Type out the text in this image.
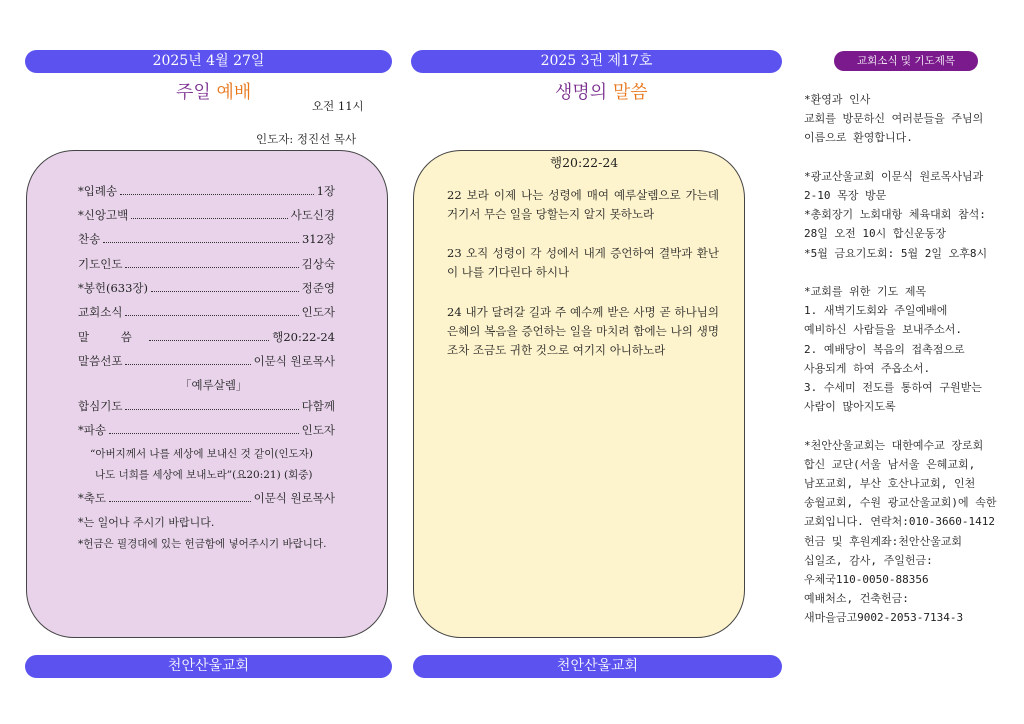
2025년 4월 27일
주일 예배
오전 11시
인도자: 정진선 목사
*입례송	1장
*신앙고백	사도신경
찬송	312장
기도인도	김상숙
*봉헌(633장)	정준영
교회소식	인도자
말 씀	행20:22-24
말씀선포	이문식 원로목사
「예루살렘」
합심기도	다함께
*파송	인도자
“아버지께서 나를 세상에 보내신 것 같이(인도자)
나도 너희를 세상에 보내노라”(요20:21) (회중)
*축도	이문식 원로목사
*는 일어나 주시기 바랍니다.
*헌금은 필경대에 있는 헌금함에 넣어주시기 바랍니다.
천안산울교회
2025 3권 제17호
생명의 말씀
행20:22-24
22 보라 이제 나는 성령에 매여 예루살렘으로 가는데 거기서 무슨 일을 당할는지 알지 못하노라
23 오직 성령이 각 성에서 내게 증언하여 결박과 환난이 나를 기다린다 하시나
24 내가 달려갈 길과 주 예수께 받은 사명 곧 하나님의 은혜의 복음을 증언하는 일을 마치려 함에는 나의 생명조차 조금도 귀한 것으로 여기지 아니하노라
천안산울교회
교회소식 및 기도제목
*환영과 인사
교회를 방문하신 여러분들을 주님의
이름으로 환영합니다.
*광교산울교회 이문식 원로목사님과
2-10 목장 방문
*총회장기 노회대항 체육대회 참석:
28일 오전 10시 합신운동장
*5월 금요기도회: 5월 2일 오후8시
*교회를 위한 기도 제목
1. 새벽기도회와 주일예배에
예비하신 사람들을 보내주소서.
2. 예배당이 복음의 접촉점으로
사용되게 하여 주옵소서.
3. 수세미 전도를 통하여 구원받는
사람이 많아지도록
*천안산울교회는 대한예수교 장로회
합신 교단(서울 남서울 은혜교회,
남포교회, 부산 호산나교회, 인천
송월교회, 수원 광교산울교회)에 속한
교회입니다. 연락처:010-3660-1412
헌금 및 후원계좌:천안산울교회
십일조, 감사, 주일헌금:
우체국110-0050-88356
예배처소, 건축헌금:
새마을금고9002-2053-7134-3
